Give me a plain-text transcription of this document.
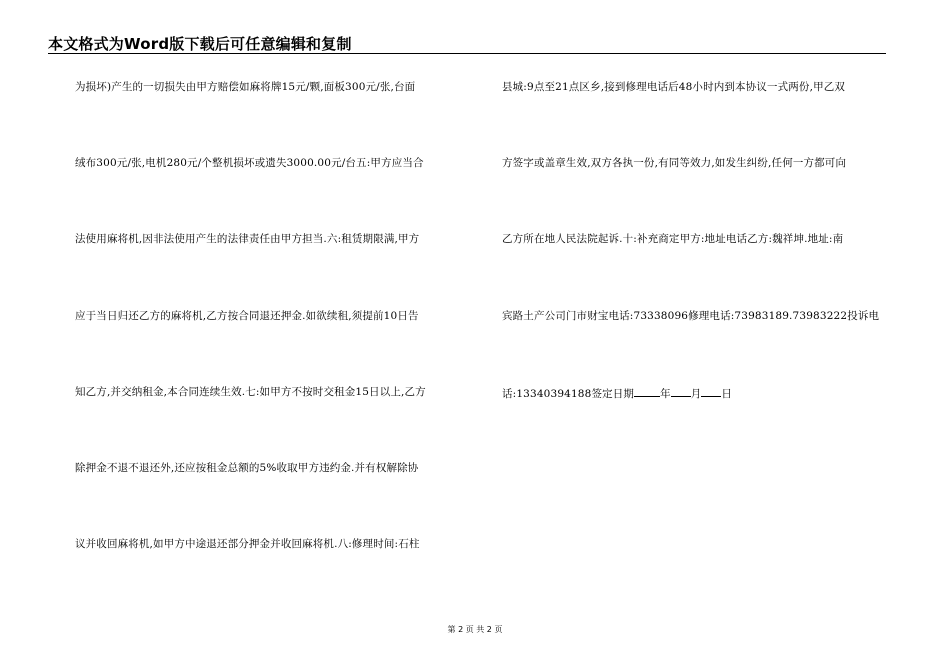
本文格式为Word版下载后可任意编辑和复制
为损坏)产生的一切损失由甲方赔偿如麻将牌15元/颗,面板300元/张,台面
绒布300元/张,电机280元/个整机损坏或遗失3000.00元/台五:甲方应当合
法使用麻将机,因非法使用产生的法律责任由甲方担当.六:租赁期限满,甲方
应于当日归还乙方的麻将机,乙方按合同退还押金.如欲续租,须提前10日告
知乙方,并交纳租金,本合同连续生效.七:如甲方不按时交租金15日以上,乙方
除押金不退不退还外,还应按租金总额的5%收取甲方违约金.并有权解除协
议并收回麻将机,如甲方中途退还部分押金并收回麻将机.八:修理时间:石柱
县城:9点至21点区乡,接到修理电话后48小时内到本协议一式两份,甲乙双
方签字或盖章生效,双方各执一份,有同等效力,如发生纠纷,任何一方都可向
乙方所在地人民法院起诉.十:补充商定甲方:地址电话乙方:魏祥坤.地址:南
宾路土产公司门市财宝电话:73338096修理电话:73983189.73983222投诉电
话:13340394188签定日期 年 月 日
第 2 页 共 2 页
